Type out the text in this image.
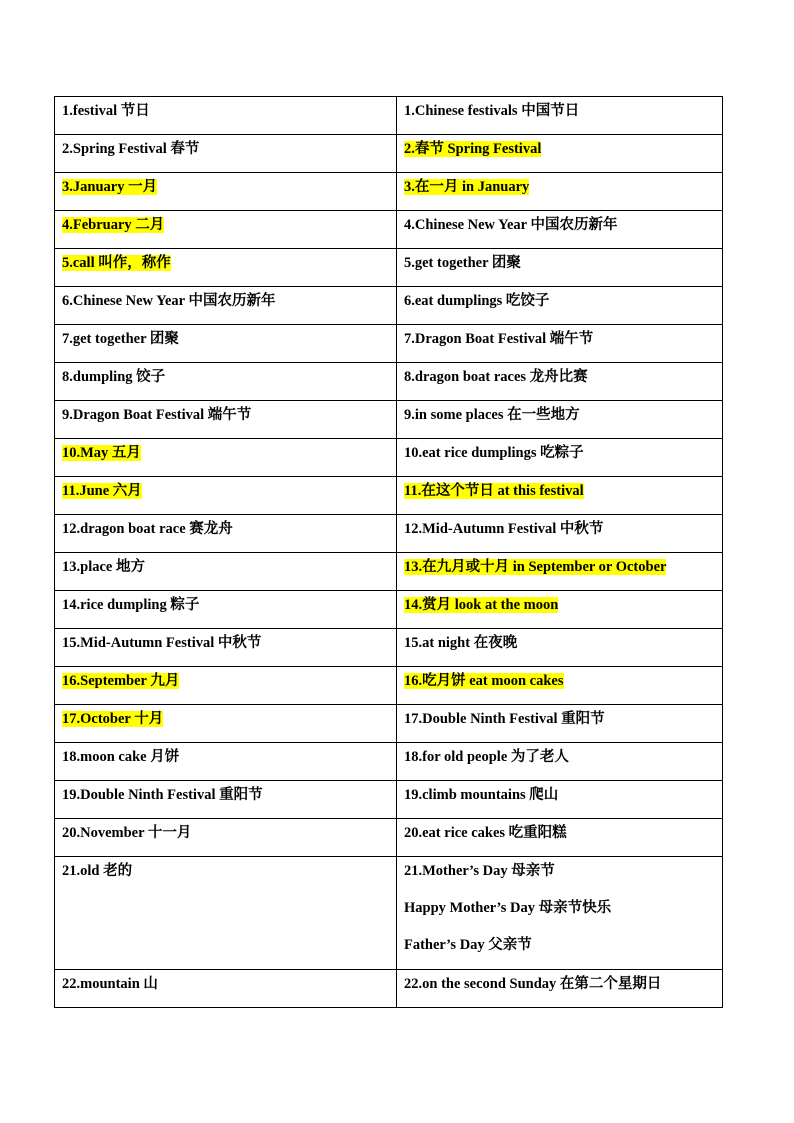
1.festival 节日	1.Chinese festivals 中国节日

2.Spring Festival 春节	2.春节 Spring Festival

3.January 一月	3.在一月 in January

4.February 二月	4.Chinese New Year 中国农历新年

5.call 叫作，称作	5.get together 团聚

6.Chinese New Year 中国农历新年	6.eat dumplings 吃饺子

7.get together 团聚	7.Dragon Boat Festival 端午节

8.dumpling 饺子	8.dragon boat races 龙舟比赛

9.Dragon Boat Festival 端午节	9.in some places 在一些地方

10.May 五月	10.eat rice dumplings 吃粽子

11.June 六月	11.在这个节日 at this festival

12.dragon boat race 赛龙舟	12.Mid-Autumn Festival 中秋节

13.place 地方	13.在九月或十月 in September or October

14.rice dumpling 粽子	14.赏月 look at the moon

15.Mid-Autumn Festival 中秋节	15.at night 在夜晚

16.September 九月	16.吃月饼 eat moon cakes

17.October 十月	17.Double Ninth Festival 重阳节

18.moon cake 月饼	18.for old people 为了老人

19.Double Ninth Festival 重阳节	19.climb mountains 爬山

20.November 十一月	20.eat rice cakes 吃重阳糕

21.old 老的	21.Mother’s Day 母亲节
Happy Mother’s Day 母亲节快乐
Father’s Day 父亲节

22.mountain 山	22.on the second Sunday 在第二个星期日
